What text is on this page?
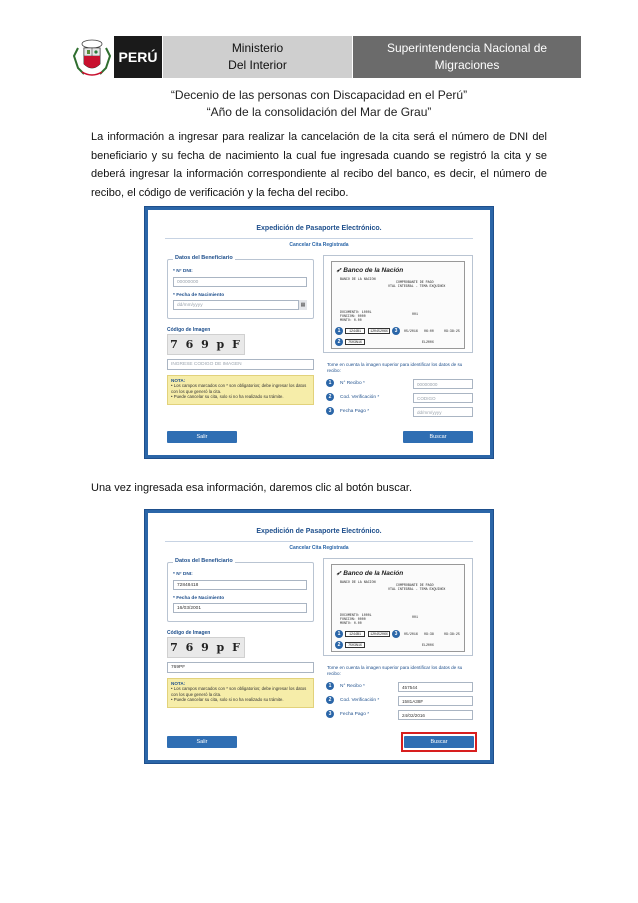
PERÚ
Ministerio
Del Interior
Superintendencia Nacional de
Migraciones
“Decenio de las personas con Discapacidad en el Perú”
“Año de la consolidación del Mar de Grau”

La información a ingresar para realizar la cancelación de la cita será el número de DNI del beneficiario y su fecha de nacimiento la cual fue ingresada cuando se registró la cita y se deberá ingresar la información correspondiente al recibo del banco, es decir, el número de recibo, el código de verificación y la fecha del recibo.

Expedición de Pasaporte Electrónico.
Cancelar Cita Registrada
Datos del Beneficiario
* N° DNI:
00000000
* Fecha de Nacimiento
dd/mm/yyyy	▦
Código de Imagen
7 6 9 p F
INGRESE CODIGO DE IMAGEN
NOTA:
• Los campos marcados con * son obligatorios; debe ingresar los datos con los que generó la cita.
• Puede cancelar su cita, solo si no ha realizado su trámite.
➶ Banco de la Nación
BANCO DE LA NACION
COMPROBANTE DE PAGO
VTAL INTEGRAL - TEMA EXQUINOX
DOCUMENTO: 1000L
FUNCION: 0000
MONTO: 0.00
001
1	1244B1	12045206X	3	05/2016 06:00	09:38:25
2	7503N1X	EL200X
Tome en cuenta la imagen superior para identificar los datos de su recibo:
1	N° Recibo *	00000000
2	Cod. Verificación *	CODIGO
3	Fecha Pago *	dd/mm/yyyy
Salir	Buscar

Una vez ingresada esa información, daremos clic al botón buscar.

Expedición de Pasaporte Electrónico.
Cancelar Cita Registrada
Datos del Beneficiario
* N° DNI:
72848418
* Fecha de Nacimiento
16/03/2001
Código de Imagen
7 6 9 p F
769PF
NOTA:
• Los campos marcados con * son obligatorios; debe ingresar los datos con los que generó la cita.
• Puede cancelar su cita, solo si no ha realizado su trámite.
➶ Banco de la Nación
BANCO DE LA NACION
COMPROBANTE DE PAGO
VTAL INTEGRAL - TEMA EXQUINOX
DOCUMENTO: 1000L
FUNCION: 0000
MONTO: 0.00
001
1	1244B1	12045206X	3	05/2016 09:38	09:38:25
2	7503N1X	EL200X
Tome en cuenta la imagen superior para identificar los datos de su recibo:
1	N° Recibo *	457544
2	Cod. Verificación *	1581A38F
3	Fecha Pago *	24/02/2016
Salir	Buscar
